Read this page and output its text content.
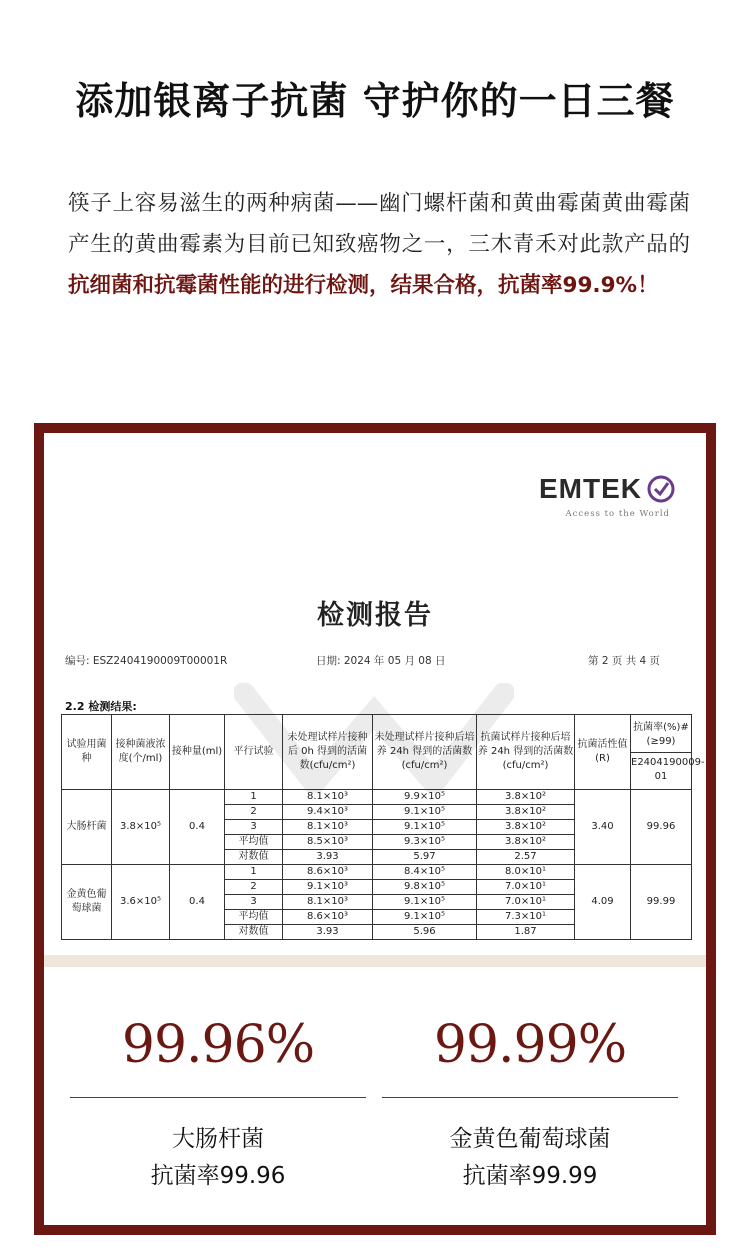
添加银离子抗菌 守护你的一日三餐
筷子上容易滋生的两种病菌——幽门螺杆菌和黄曲霉菌黄曲霉菌产生的黄曲霉素为目前已知致癌物之一，三木青禾对此款产品的抗细菌和抗霉菌性能的进行检测，结果合格，抗菌率99.9%！
EMTEK
Access to the World
检测报告
编号: ESZ2404190009T00001R	日期: 2024 年 05 月 08 日	第 2 页 共 4 页
2.2 检测结果:
试验用菌种	接种菌液浓度(个/ml)	接种量(ml)	平行试验	未处理试样片接种后 0h 得到的活菌数(cfu/cm²)	未处理试样片接种后培养 24h 得到的活菌数(cfu/cm²)	抗菌试样片接种后培养 24h 得到的活菌数(cfu/cm²)	抗菌活性值(R)	抗菌率(%)# (≥99)
E2404190009-01

大肠杆菌	3.8×10⁵	0.4	1	8.1×10³	9.9×10⁵	3.8×10²	3.40	99.96
			2	9.4×10³	9.1×10⁵	3.8×10²		
			3	8.1×10³	9.1×10⁵	3.8×10²		
			平均值	8.5×10³	9.3×10⁵	3.8×10²		
			对数值	3.93	5.97	2.57		
金黄色葡萄球菌	3.6×10⁵	0.4	1	8.6×10³	8.4×10⁵	8.0×10¹	4.09	99.99
			2	9.1×10³	9.8×10⁵	7.0×10¹		
			3	8.1×10³	9.1×10⁵	7.0×10¹		
			平均值	8.6×10³	9.1×10⁵	7.3×10¹		
			对数值	3.93	5.96	1.87		
99.96%
大肠杆菌
抗菌率99.96
99.99%
金黄色葡萄球菌
抗菌率99.99
